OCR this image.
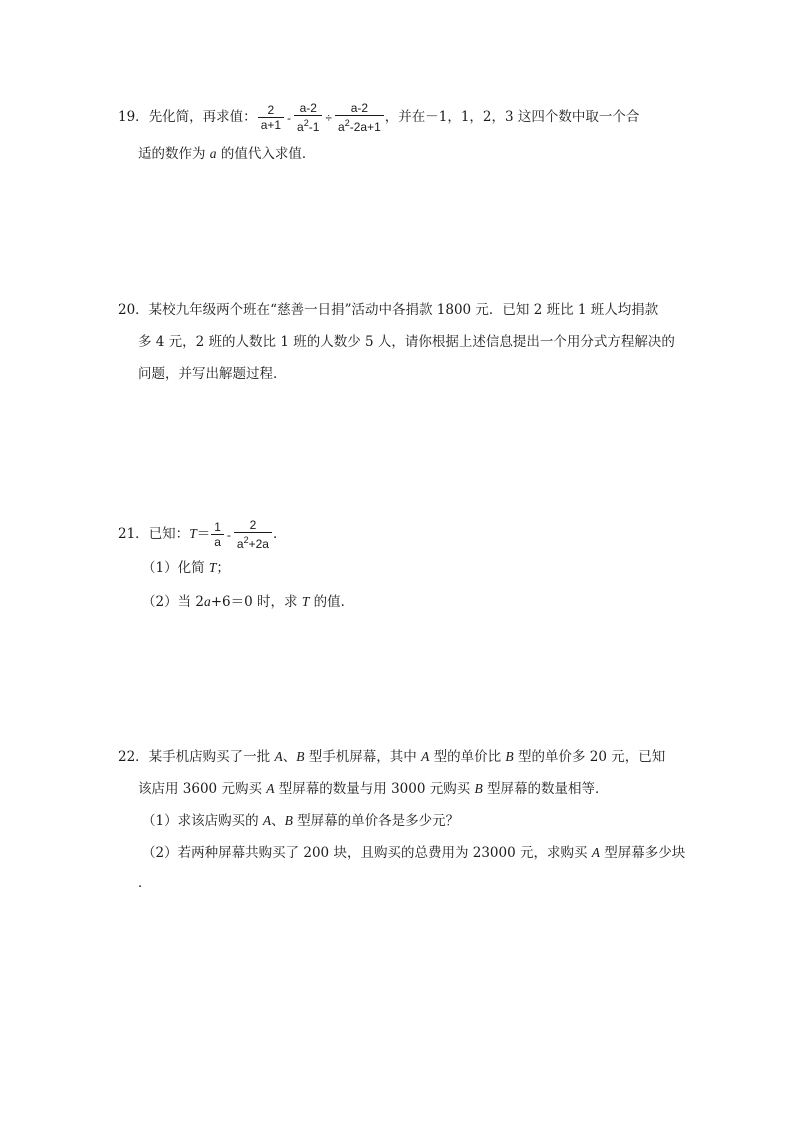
19．先化简，再求值： $\frac{2}{a+1} - \frac{a-2}{a^2-1} \div \frac{a-2}{a^2-2a+1}$ ，并在－1，1，2，3 这四个数中取一个合
适的数作为 a 的值代入求值．
20．某校九年级两个班在“慈善一日捐”活动中各捐款 1800 元．已知 2 班比 1 班人均捐款
多 4 元，2 班的人数比 1 班的人数少 5 人，请你根据上述信息提出一个用分式方程解决的
问题，并写出解题过程．
21．已知：$T= \frac{1}{a} - \frac{2}{a^2+2a}$ ．
（1）化简 T；
（2）当 2a+6＝0 时，求 T 的值．
22．某手机店购买了一批 A、B 型手机屏幕，其中 A 型的单价比 B 型的单价多 20 元，已知
该店用 3600 元购买 A 型屏幕的数量与用 3000 元购买 B 型屏幕的数量相等．
（1）求该店购买的 A、B 型屏幕的单价各是多少元？
（2）若两种屏幕共购买了 200 块，且购买的总费用为 23000 元，求购买 A 型屏幕多少块
．
